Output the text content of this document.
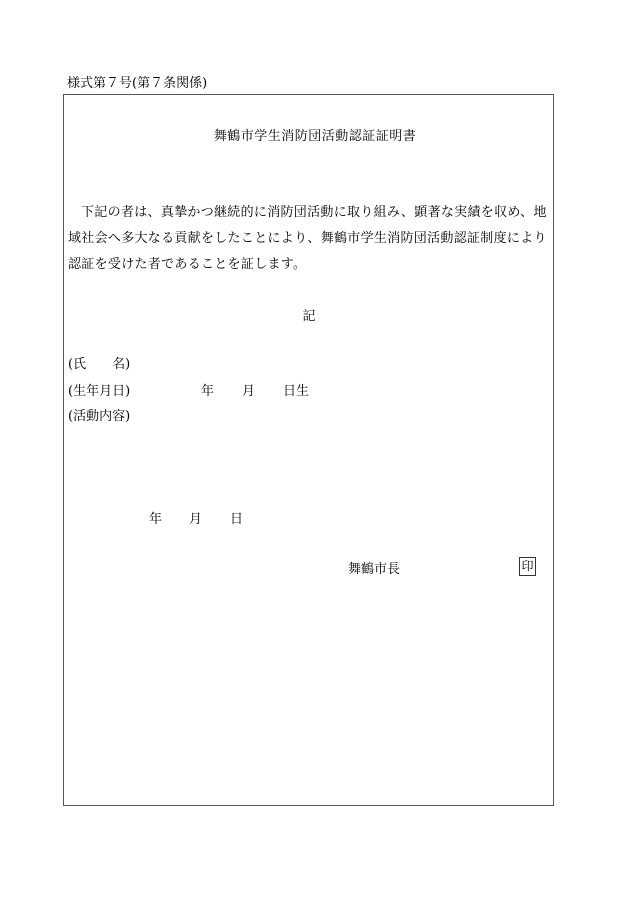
様式第７号(第７条関係)
舞鶴市学生消防団活動認証証明書
下記の者は、真摯かつ継続的に消防団活動に取り組み、顕著な実績を収め、地
域社会へ多大なる貢献をしたことにより、舞鶴市学生消防団活動認証制度により
認証を受けた者であることを証します。
記
(氏　　名)
(生年月日)	年 月 日生
(活動内容)
年 月 日
舞鶴市長	印
